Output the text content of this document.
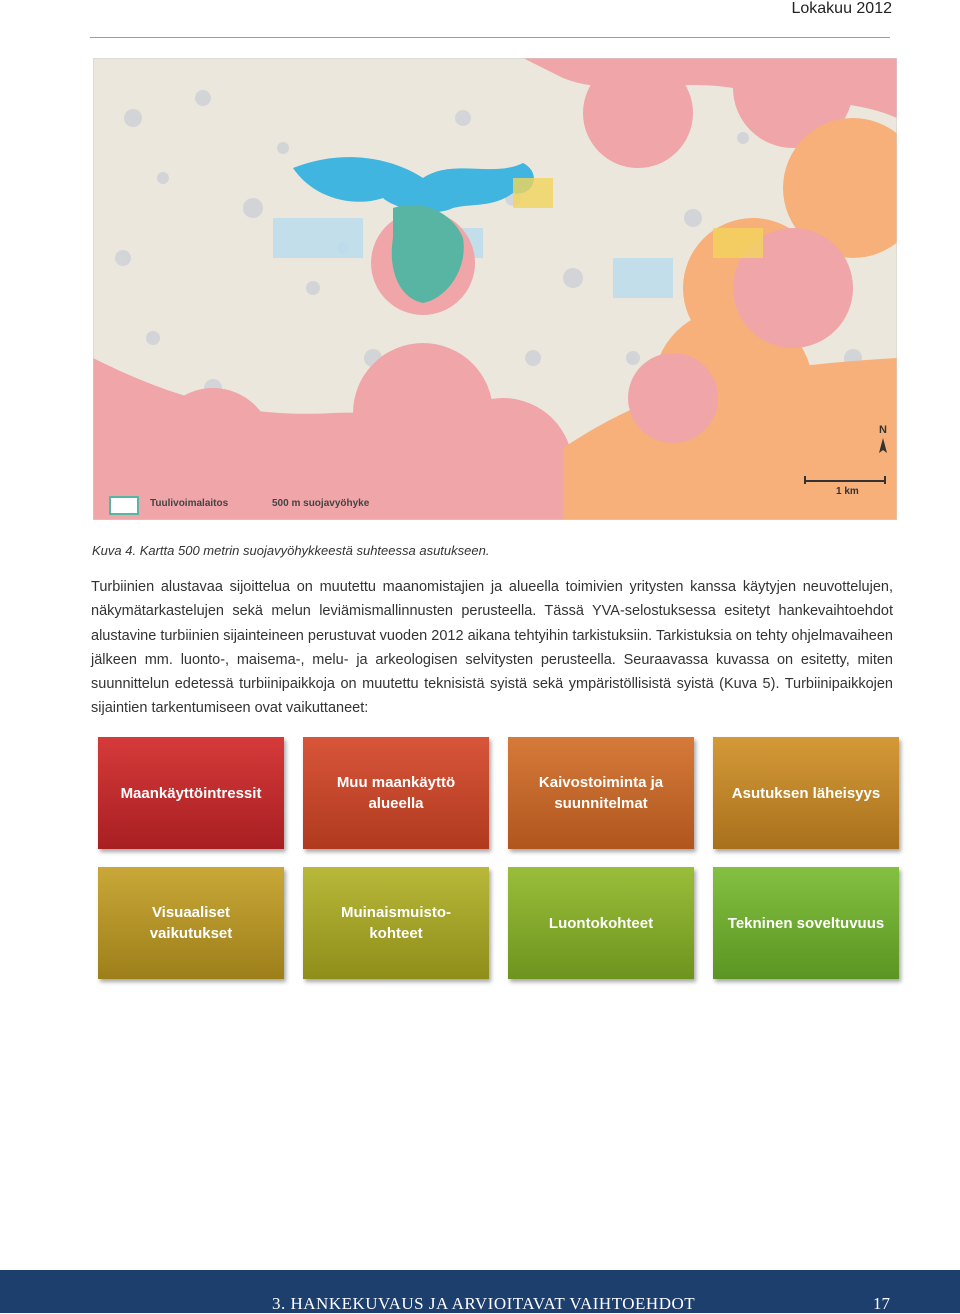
Lokakuu 2012
N
Tuulivoimalaitos	500 m suojavyöhyke
1 km
Kuva 4. Kartta 500 metrin suojavyöhykkeestä suhteessa asutukseen.

Turbiinien alustavaa sijoittelua on muutettu maanomistajien ja alueella toimivien yritysten kanssa käytyjen neuvottelujen, näkymätarkastelujen sekä melun leviämismallinnusten perusteella. Tässä YVA-selostuksessa esitetyt hankevaihtoehdot alustavine turbiinien sijainteineen perustuvat vuoden 2012 aikana tehtyihin tarkistuksiin. Tarkistuksia on tehty ohjelmavaiheen jälkeen mm. luonto-, maisema-, melu- ja arkeologisen selvitysten perusteella. Seuraavassa kuvassa on esitetty, miten suunnittelun edetessä turbiinipaikkoja on muutettu teknisistä syistä sekä ympäristöllisistä syistä (Kuva 5). Turbiinipaikkojen sijaintien tarkentumiseen ovat vaikuttaneet:

Maankäyttöintressit
Muu maankäyttö
alueella
Kaivostoiminta ja
suunnitelmat
Asutuksen läheisyys
Visuaaliset
vaikutukset
Muinaismuisto-
kohteet
Luontokohteet	Tekninen soveltuvuus
3. HANKEKUVAUS JA ARVIOITAVAT VAIHTOEHDOT	17
